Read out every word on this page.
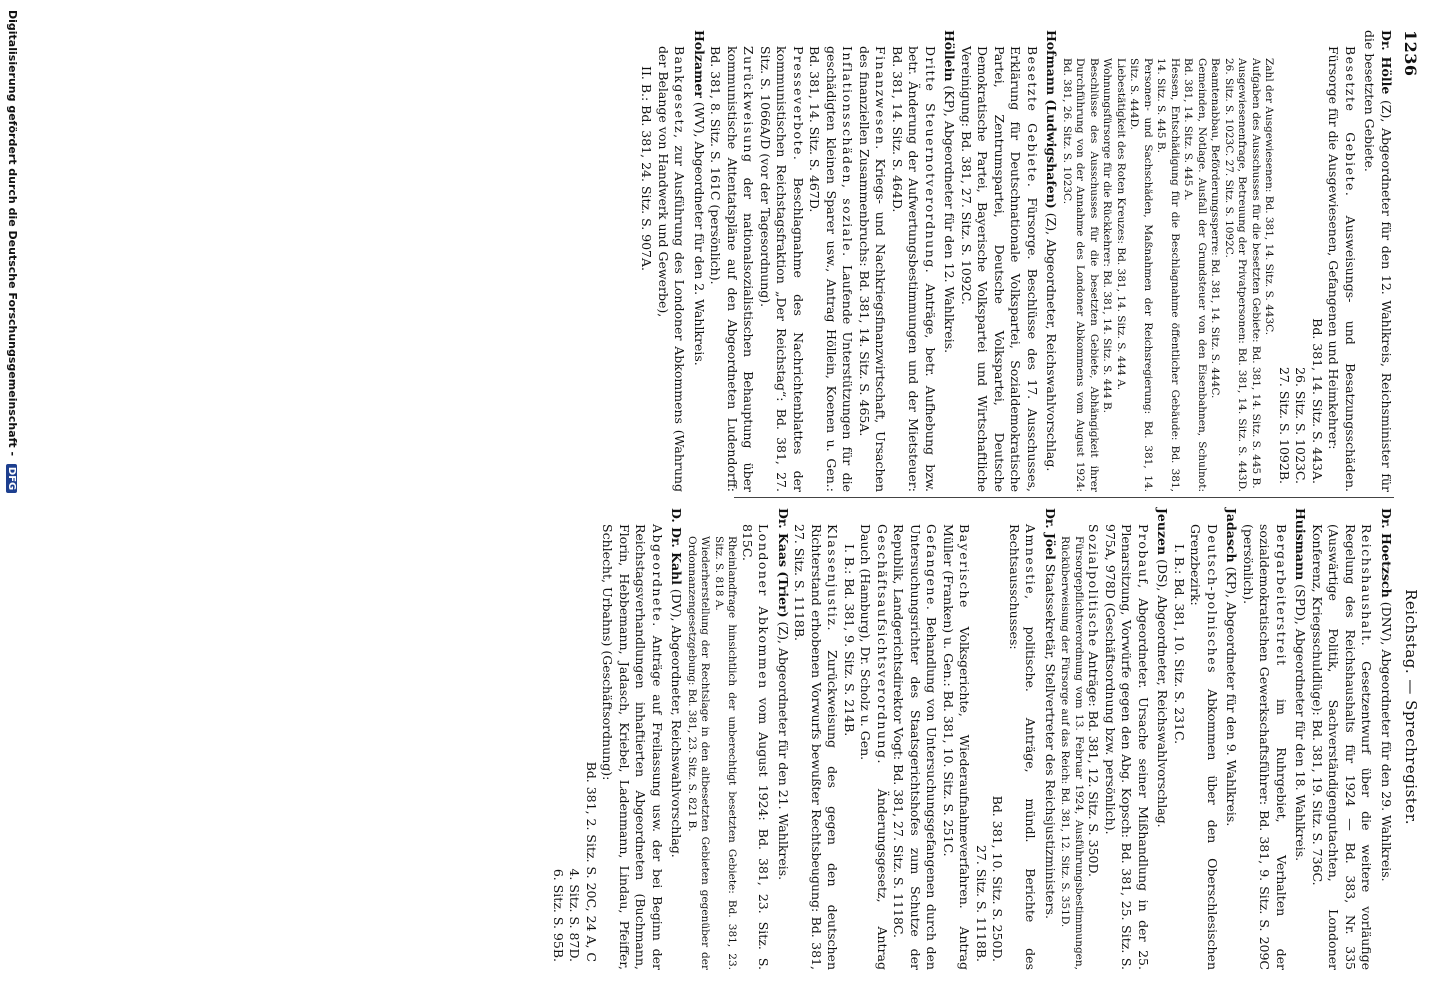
1236
Reichstag. — Sprechregister.
Dr. Hölle (Z), Abgeordneter für den 12. Wahlkreis, Reichsminister für die besetzten Gebiete.
Besetzte Gebiete. Ausweisungs- und Besatzungsschäden. Fürsorge für die Ausgewiesenen, Gefangenen und Heimkehrer:
Bd. 381, 14. Sitz. S. 443A.
26. Sitz. S. 1023C.
27. Sitz. S. 1092B.
Zahl der Ausgewiesenen: Bd. 381, 14. Sitz. S. 443C.
Aufgaben des Ausschusses für die besetzten Gebiete: Bd. 381, 14. Sitz. S. 445 B.
Ausgewiesenenfrage, Betreuung der Privatpersonen: Bd. 381, 14. Sitz. S. 443D. 26. Sitz. S. 1023C. 27. Sitz. S. 1092C.
Beamtenabbau, Beförderungssperre: Bd. 381, 14. Sitz. S. 444C.
Gemeinden, Notlage. Ausfall der Grundsteuer von den Eisenbahnen, Schulnot: Bd. 381, 14. Sitz. S. 445 A.
Hessen, Entschädigung für die Beschlagnahme öffentlicher Gebäude: Bd. 381, 14. Sitz. S. 445 B.
Personen- und Sachschäden, Maßnahmen der Reichsregierung: Bd. 381, 14. Sitz. S. 444D.
Liebestätigkeit des Roten Kreuzes: Bd. 381, 14. Sitz. S. 444 A.
Wohnungsfürsorge für die Rückkehrer: Bd. 381, 14. Sitz. S. 444 B.
Beschlüsse des Ausschusses für die besetzten Gebiete, Abhängigkeit ihrer Durchführung von der Annahme des Londoner Abkommens vom August 1924: Bd. 381, 26. Sitz. S. 1023C.
Hofmann (Ludwigshafen) (Z), Abgeordneter, Reichswahlvorschlag.
Besetzte Gebiete. Fürsorge. Beschlüsse des 17. Ausschusses, Erklärung für Deutschnationale Volkspartei, Sozialdemokratische Partei, Zentrumspartei, Deutsche Volkspartei, Deutsche Demokratische Partei, Bayerische Volkspartei und Wirtschaftliche Vereinigung: Bd. 381, 27. Sitz. S. 1092C.
Höllein (KP), Abgeordneter für den 12. Wahlkreis.
Dritte Steuernotverordnung. Anträge, betr. Aufhebung bzw. betr. Änderung der Aufwertungsbestimmungen und der Mietsteuer: Bd. 381, 14. Sitz. S. 464D.
Finanzwesen. Kriegs- und Nachkriegsfinanzwirtschaft, Ursachen des finanziellen Zusammenbruchs: Bd. 381, 14. Sitz. S. 465A.
Inflationsschäden, soziale. Laufende Unterstützungen für die geschädigten kleinen Sparer usw., Antrag Höllein, Koenen u. Gen.: Bd. 381, 14. Sitz. S. 467D.
Presseverbote. Beschlagnahme des Nachrichtenblattes der kommunistischen Reichstagsfraktion „Der Reichstag“: Bd. 381, 27. Sitz. S. 1066A/D (vor der Tagesordnung).
Zurückweisung der nationalsozialistischen Behauptung über kommunistische Attentatspläne auf den Abgeordneten Ludendorff: Bd. 381, 8. Sitz. S. 161C (persönlich).
Holzamer (WV), Abgeordneter für den 2. Wahlkreis.
Bankgesetz, zur Ausführung des Londoner Abkommens (Wahrung der Belange von Handwerk und Gewerbe),
II. B.: Bd. 381, 24. Sitz. S. 907A.
Dr. Hoetzsch (DNV), Abgeordneter für den 29. Wahlkreis.
Reichshaushalt. Gesetzentwurf über die weitere vorläufige Regelung des Reichshaushalts für 1924 — Bd. 383, Nr. 335 (Auswärtige Politik, Sachverständigengutachten, Londoner Konferenz, Kriegsschuldlüge): Bd. 381, 19. Sitz. S. 736C.
Huismann (SPD), Abgeordneter für den 18. Wahlkreis.
Bergarbeiterstreit im Ruhrgebiet, Verhalten der sozialdemokratischen Gewerkschaftsführer: Bd. 381, 9. Sitz. S. 209C (persönlich).
Jadasch (KP), Abgeordneter für den 9. Wahlkreis.
Deutsch-polnisches Abkommen über den Oberschlesischen Grenzbezirk:
I. B.: Bd. 381, 10. Sitz. S. 231C.
Jeuzen (DS), Abgeordneter, Reichswahlvorschlag.
Probauf, Abgeordneter. Ursache seiner Mißhandlung in der 25. Plenarsitzung, Vorwürfe gegen den Abg. Kopsch: Bd. 381, 25. Sitz. S. 975A, 978D (Geschäftsordnung bzw. persönlich).
Sozialpolitische Anträge: Bd. 381, 12. Sitz. S. 350D.
Fürsorgepflichtverordnung vom 13. Februar 1924, Ausführungsbestimmungen, Rücküberweisung der Fürsorge auf das Reich: Bd. 381, 12. Sitz. S. 351D.
Dr. Jöel Staatssekretär, Stellvertreter des Reichsjustizministers.
Amnestie, politische. Anträge, mündl. Berichte des Rechtsausschusses:
Bd. 381, 10. Sitz. S. 250D.
27. Sitz. S. 1118B.
Bayerische Volksgerichte, Wiederaufnahmeverfahren. Antrag Müller (Franken) u. Gen.: Bd. 381, 10. Sitz. S. 251C.
Gefangene. Behandlung von Untersuchungsgefangenen durch den Untersuchungsrichter des Staatsgerichtshofes zum Schutze der Republik, Landgerichtsdirektor Vogt: Bd. 381, 27. Sitz. S. 1118C.
Geschäftsaufsichtsverordnung. Änderungsgesetz, Antrag Dauch (Hamburg), Dr. Scholz u. Gen.
I. B.: Bd. 381, 9. Sitz. S. 214B.
Klassenjustiz. Zurückweisung des gegen den deutschen Richterstand erhobenen Vorwurfs bewußter Rechtsbeugung: Bd. 381, 27. Sitz. S. 1118B.
Dr. Kaas (Trier) (Z), Abgeordneter für den 21. Wahlkreis.
Londoner Abkommen vom August 1924: Bd. 381, 23. Sitz. S. 815C.
Rheinlandfrage hinsichtlich der unberechtigt besetzten Gebiete: Bd. 381, 23. Sitz. S. 818 A.
Wiederherstellung der Rechtslage in den altbesetzten Gebieten gegenüber der Ordonnanzengesetzgebung: Bd. 381, 23. Sitz. S. 821 B.
D. Dr. Kahl (DV), Abgeordneter, Reichswahlvorschlag.
Abgeordnete. Anträge auf Freilassung usw. der bei Beginn der Reichstagsverhandlungen inhaftierten Abgeordneten (Buchmann, Florin, Hebbemann, Jadasch, Kriebel, Ladenmann, Lindau, Pfeiffer, Schlecht, Urbahns) (Geschäftsordnung):
Bd. 381, 2. Sitz. S. 20C, 24 A, C
4. Sitz. S. 87D.
6. Sitz. S. 95B.
Digitalisierung gefördert durch die Deutsche Forschungsgemeinschaft - DFG
